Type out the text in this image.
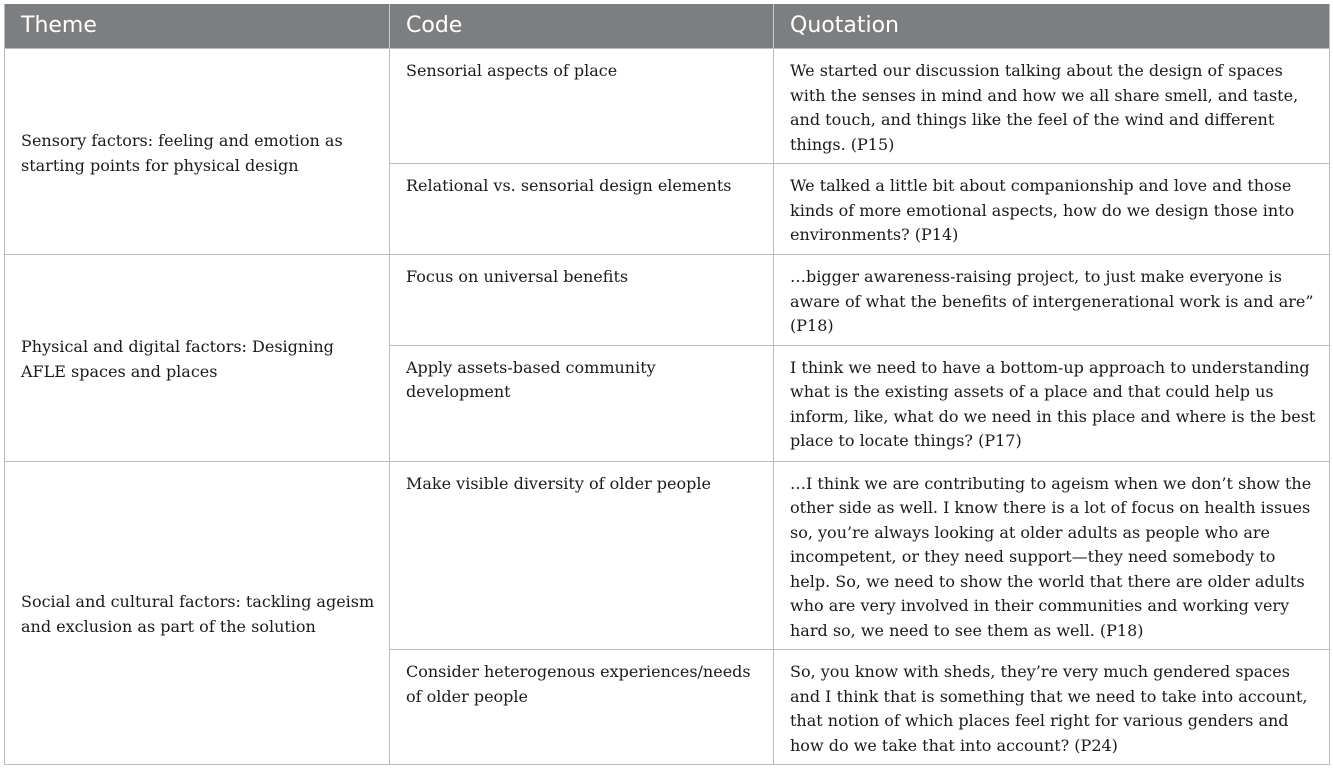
Theme	Code	Quotation
Sensory factors: feeling and emotion as starting points for physical design	Sensorial aspects of place	We started our discussion talking about the design of spaces with the senses in mind and how we all share smell, and taste, and touch, and things like the feel of the wind and different things. (P15)
	Relational vs. sensorial design elements	We talked a little bit about companionship and love and those kinds of more emotional aspects, how do we design those into environments? (P14)
Physical and digital factors: Designing AFLE spaces and places	Focus on universal benefits	…bigger awareness-raising project, to just make everyone is aware of what the benefits of intergenerational work is and are” (P18)
	Apply assets-based community development	I think we need to have a bottom-up approach to understanding what is the existing assets of a place and that could help us inform, like, what do we need in this place and where is the best place to locate things? (P17)
Social and cultural factors: tackling ageism and exclusion as part of the solution	Make visible diversity of older people	…I think we are contributing to ageism when we don’t show the other side as well. I know there is a lot of focus on health issues so, you’re always looking at older adults as people who are incompetent, or they need support—they need somebody to help. So, we need to show the world that there are older adults who are very involved in their communities and working very hard so, we need to see them as well. (P18)
	Consider heterogenous experiences/needs of older people	So, you know with sheds, they’re very much gendered spaces and I think that is something that we need to take into account, that notion of which places feel right for various genders and how do we take that into account? (P24)
